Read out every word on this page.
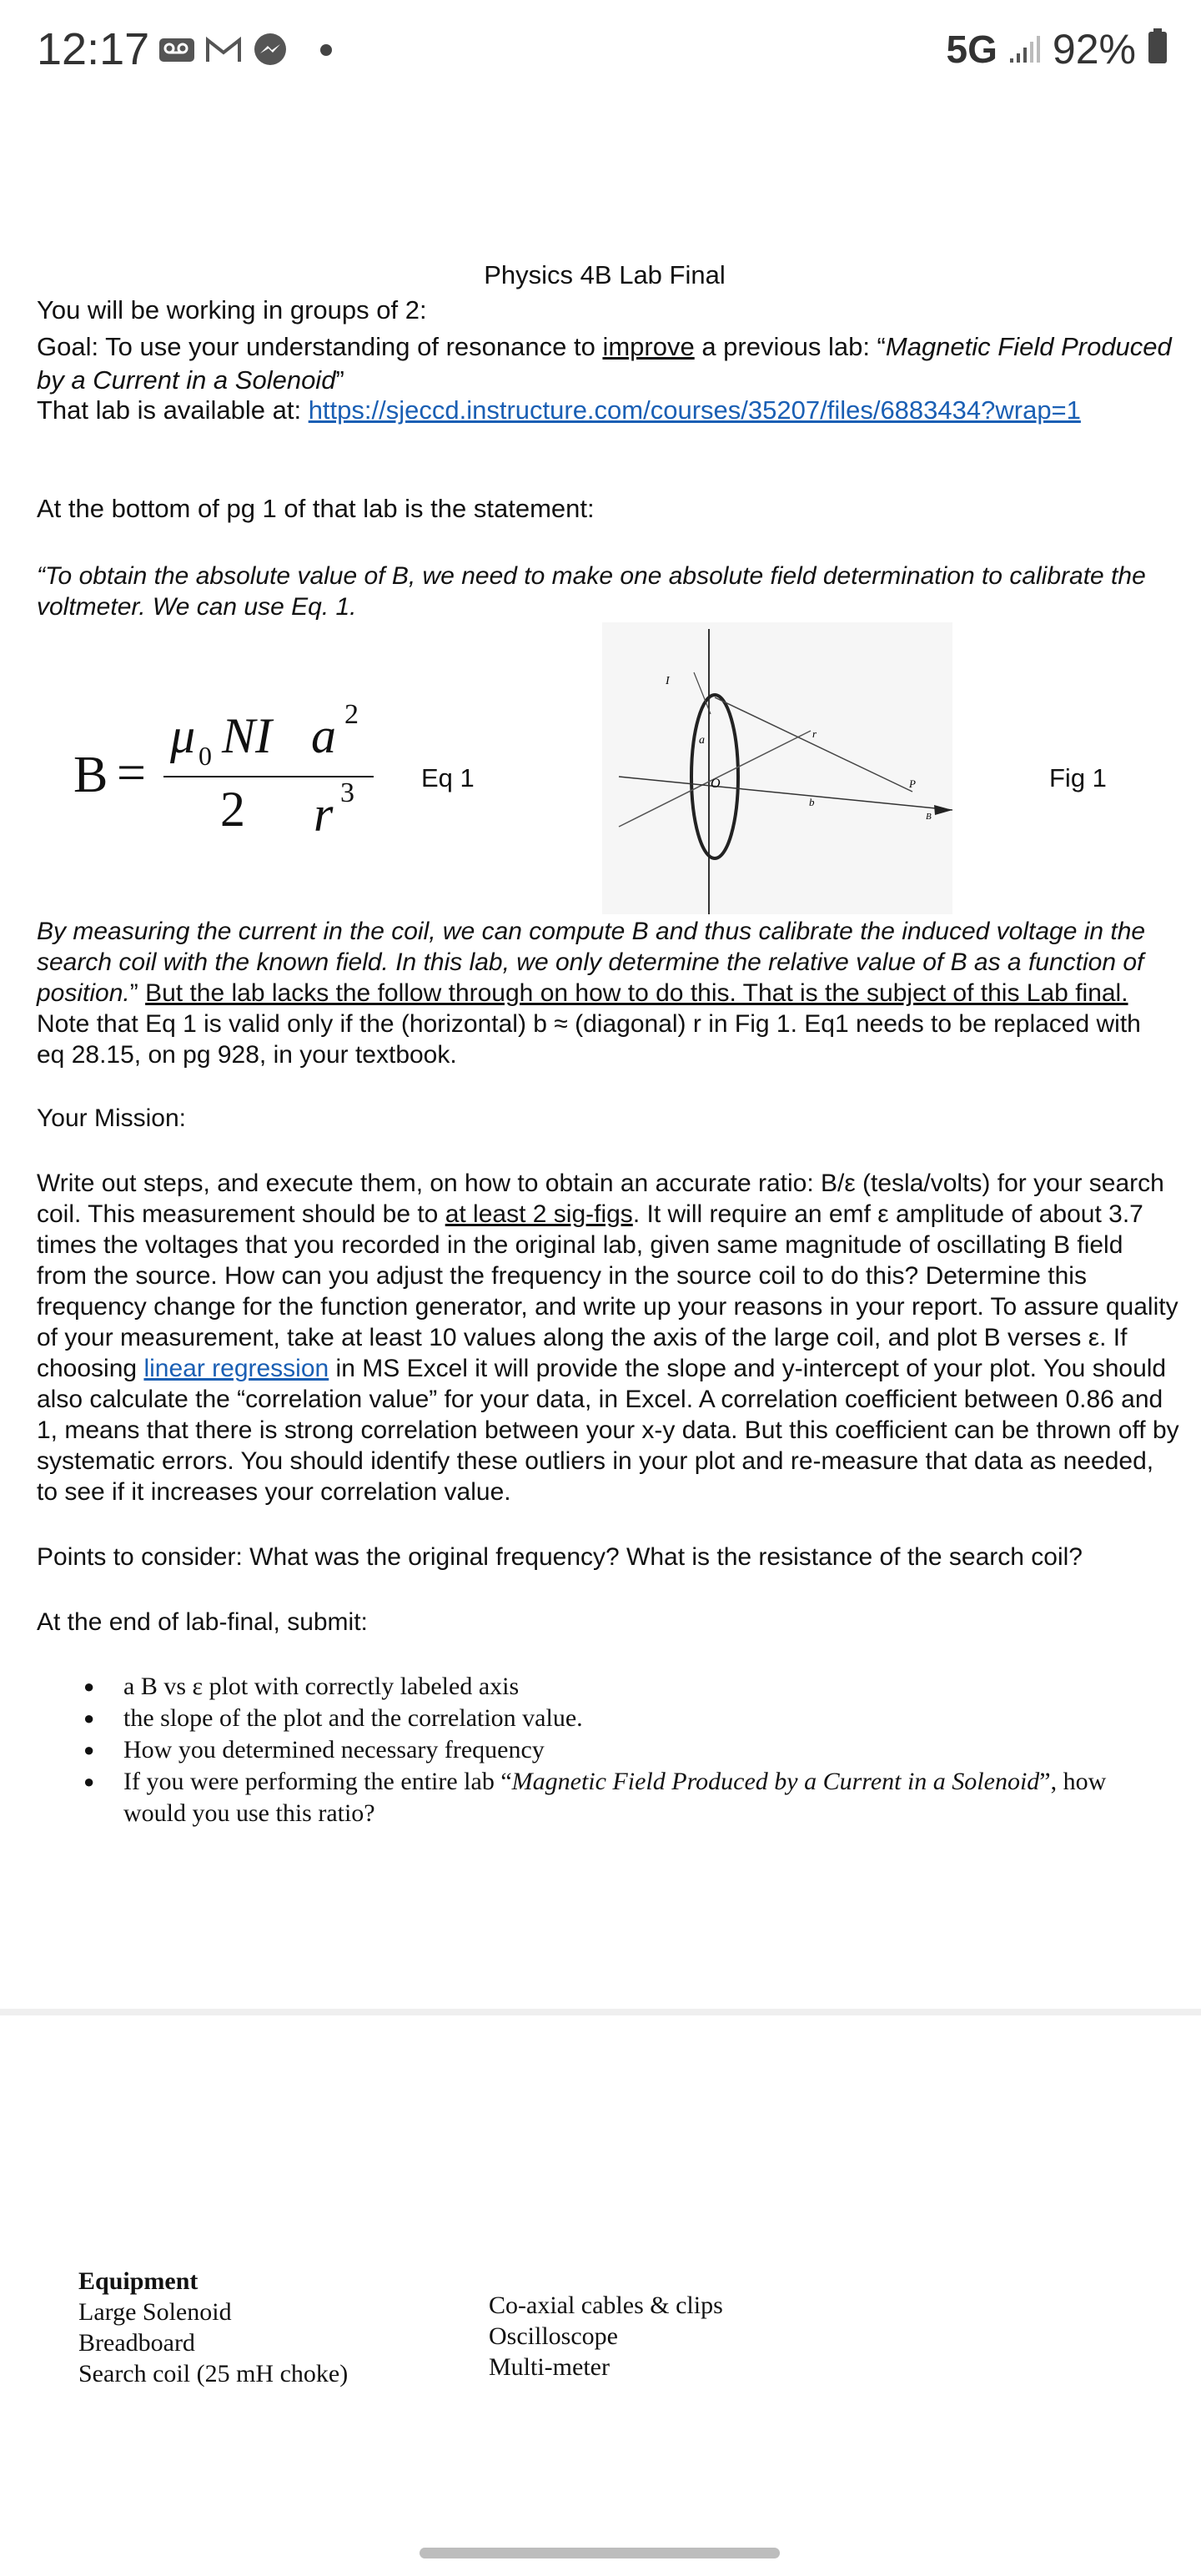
12:17	5G 92%
Physics 4B Lab Final
You will be working in groups of 2:
Goal: To use your understanding of resonance to improve a previous lab: “Magnetic Field Produced by a Current in a Solenoid”
That lab is available at: https://sjeccd.instructure.com/courses/35207/files/6883434?wrap=1
At the bottom of pg 1 of that lab is the statement:
“To obtain the absolute value of B, we need to make one absolute field determination to calibrate the voltmeter. We can use Eq. 1.
B =
μ 0 NI
2
a 2
r 3	Eq 1
I
a
O
r
b
P
B
Fig 1
By measuring the current in the coil, we can compute B and thus calibrate the induced voltage in the search coil with the known field. In this lab, we only determine the relative value of B as a function of position.” But the lab lacks the follow through on how to do this. That is the subject of this Lab final. Note that Eq 1 is valid only if the (horizontal) b ≈ (diagonal) r in Fig 1. Eq1 needs to be replaced with eq 28.15, on pg 928, in your textbook.
Your Mission:
Write out steps, and execute them, on how to obtain an accurate ratio: B/ε (tesla/volts) for your search coil. This measurement should be to at least 2 sig-figs. It will require an emf ε amplitude of about 3.7 times the voltages that you recorded in the original lab, given same magnitude of oscillating B field from the source. How can you adjust the frequency in the source coil to do this? Determine this frequency change for the function generator, and write up your reasons in your report. To assure quality of your measurement, take at least 10 values along the axis of the large coil, and plot B verses ε. If choosing linear regression in MS Excel it will provide the slope and y-intercept of your plot. You should also calculate the “correlation value” for your data, in Excel. A correlation coefficient between 0.86 and 1, means that there is strong correlation between your x-y data. But this coefficient can be thrown off by systematic errors. You should identify these outliers in your plot and re-measure that data as needed, to see if it increases your correlation value.
Points to consider: What was the original frequency? What is the resistance of the search coil?
At the end of lab-final, submit:
● a B vs ε plot with correctly labeled axis
● the slope of the plot and the correlation value.
● How you determined necessary frequency
● If you were performing the entire lab “Magnetic Field Produced by a Current in a Solenoid”, how would you use this ratio?
Equipment
Large Solenoid
Breadboard
Search coil (25 mH choke)
Co-axial cables & clips
Oscilloscope
Multi-meter
